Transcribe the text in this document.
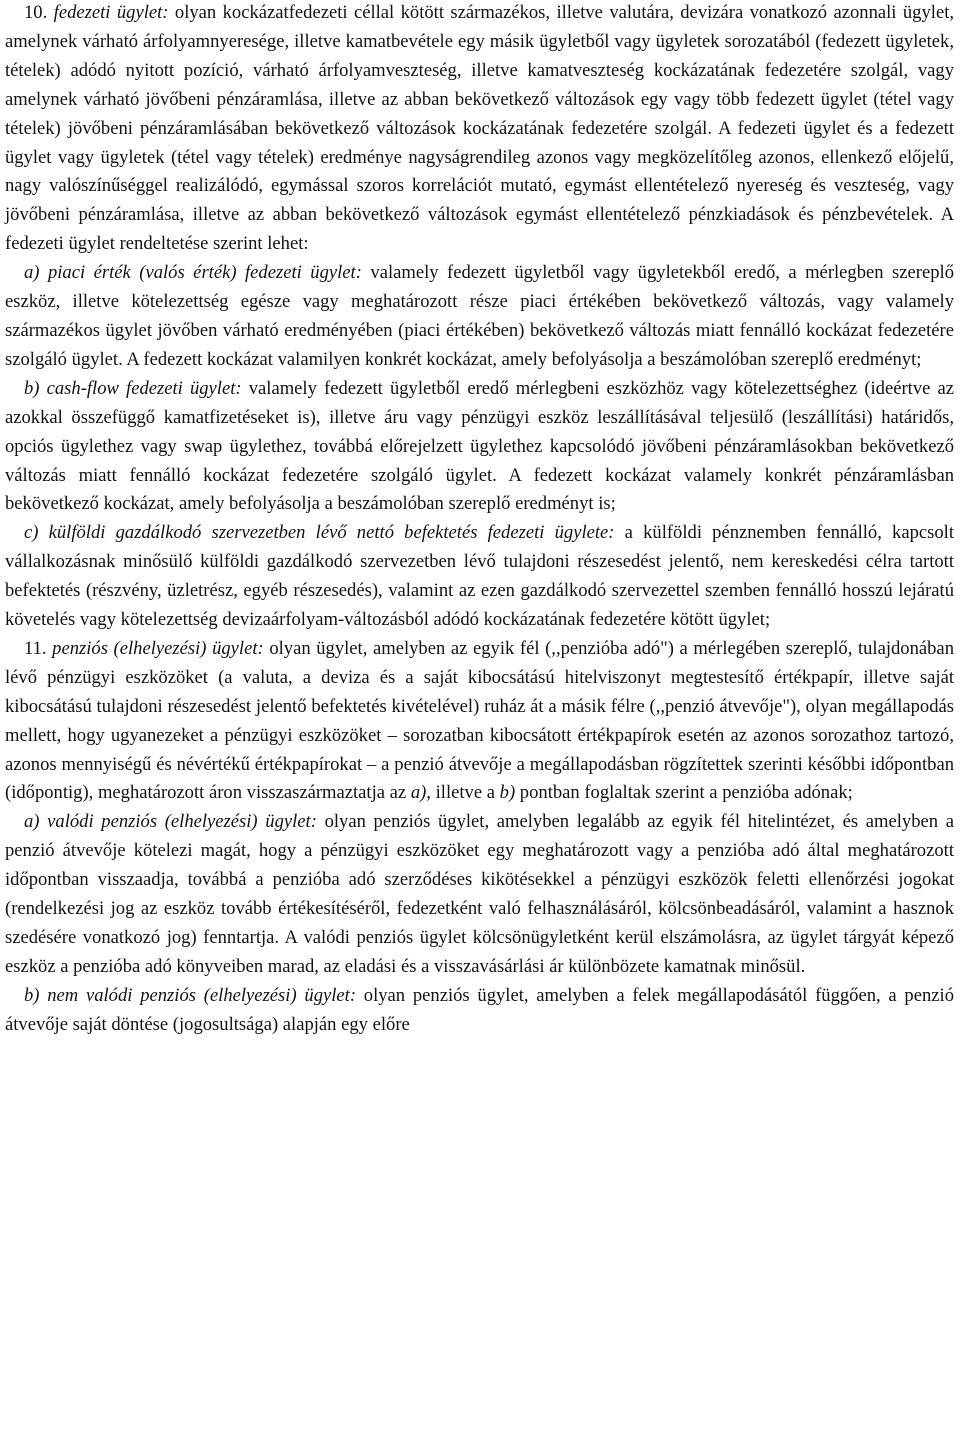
10. fedezeti ügylet: olyan kockázatfedezeti céllal kötött származékos, illetve valutára, devizára vonatkozó azonnali ügylet, amelynek várható árfolyamnyeresége, illetve kamatbevétele egy másik ügyletből vagy ügyletek sorozatából (fedezett ügyletek, tételek) adódó nyitott pozíció, várható árfolyamveszteség, illetve kamatveszteség kockázatának fedezetére szolgál, vagy amelynek várható jövőbeni pénzáramlása, illetve az abban bekövetkező változások egy vagy több fedezett ügylet (tétel vagy tételek) jövőbeni pénzáramlásában bekövetkező változások kockázatának fedezetére szolgál. A fedezeti ügylet és a fedezett ügylet vagy ügyletek (tétel vagy tételek) eredménye nagyságrendileg azonos vagy megközelítőleg azonos, ellenkező előjelű, nagy valószínűséggel realizálódó, egymással szoros korrelációt mutató, egymást ellentételező nyereség és veszteség, vagy jövőbeni pénzáramlása, illetve az abban bekövetkező változások egymást ellentételező pénzkiadások és pénzbevételek. A fedezeti ügylet rendeltetése szerint lehet:

a) piaci érték (valós érték) fedezeti ügylet: valamely fedezett ügyletből vagy ügyletekből eredő, a mérlegben szereplő eszköz, illetve kötelezettség egésze vagy meghatározott része piaci értékében bekövetkező változás, vagy valamely származékos ügylet jövőben várható eredményében (piaci értékében) bekövetkező változás miatt fennálló kockázat fedezetére szolgáló ügylet. A fedezett kockázat valamilyen konkrét kockázat, amely befolyásolja a beszámolóban szereplő eredményt;

b) cash-flow fedezeti ügylet: valamely fedezett ügyletből eredő mérlegbeni eszközhöz vagy kötelezettséghez (ideértve az azokkal összefüggő kamatfizetéseket is), illetve áru vagy pénzügyi eszköz leszállításával teljesülő (leszállítási) határidős, opciós ügylethez vagy swap ügylethez, továbbá előrejelzett ügylethez kapcsolódó jövőbeni pénzáramlásokban bekövetkező változás miatt fennálló kockázat fedezetére szolgáló ügylet. A fedezett kockázat valamely konkrét pénzáramlásban bekövetkező kockázat, amely befolyásolja a beszámolóban szereplő eredményt is;

c) külföldi gazdálkodó szervezetben lévő nettó befektetés fedezeti ügylete: a külföldi pénznemben fennálló, kapcsolt vállalkozásnak minősülő külföldi gazdálkodó szervezetben lévő tulajdoni részesedést jelentő, nem kereskedési célra tartott befektetés (részvény, üzletrész, egyéb részesedés), valamint az ezen gazdálkodó szervezettel szemben fennálló hosszú lejáratú követelés vagy kötelezettség devizaárfolyam-változásból adódó kockázatának fedezetére kötött ügylet;

11. penziós (elhelyezési) ügylet: olyan ügylet, amelyben az egyik fél (,,penzióba adó") a mérlegében szereplő, tulajdonában lévő pénzügyi eszközöket (a valuta, a deviza és a saját kibocsátású hitelviszonyt megtestesítő értékpapír, illetve saját kibocsátású tulajdoni részesedést jelentő befektetés kivételével) ruház át a másik félre (,,penzió átvevője"), olyan megállapodás mellett, hogy ugyanezeket a pénzügyi eszközöket – sorozatban kibocsátott értékpapírok esetén az azonos sorozathoz tartozó, azonos mennyiségű és névértékű értékpapírokat – a penzió átvevője a megállapodásban rögzítettek szerinti későbbi időpontban (időpontig), meghatározott áron visszaszármaztatja az a), illetve a b) pontban foglaltak szerint a penzióba adónak;

a) valódi penziós (elhelyezési) ügylet: olyan penziós ügylet, amelyben legalább az egyik fél hitelintézet, és amelyben a penzió átvevője kötelezi magát, hogy a pénzügyi eszközöket egy meghatározott vagy a penzióba adó által meghatározott időpontban visszaadja, továbbá a penzióba adó szerződéses kikötésekkel a pénzügyi eszközök feletti ellenőrzési jogokat (rendelkezési jog az eszköz tovább értékesítéséről, fedezetként való felhasználásáról, kölcsönbeadásáról, valamint a hasznok szedésére vonatkozó jog) fenntartja. A valódi penziós ügylet kölcsönügyletként kerül elszámolásra, az ügylet tárgyát képező eszköz a penzióba adó könyveiben marad, az eladási és a visszavásárlási ár különbözete kamatnak minősül.

b) nem valódi penziós (elhelyezési) ügylet: olyan penziós ügylet, amelyben a felek megállapodásától függően, a penzió átvevője saját döntése (jogosultsága) alapján egy előre
